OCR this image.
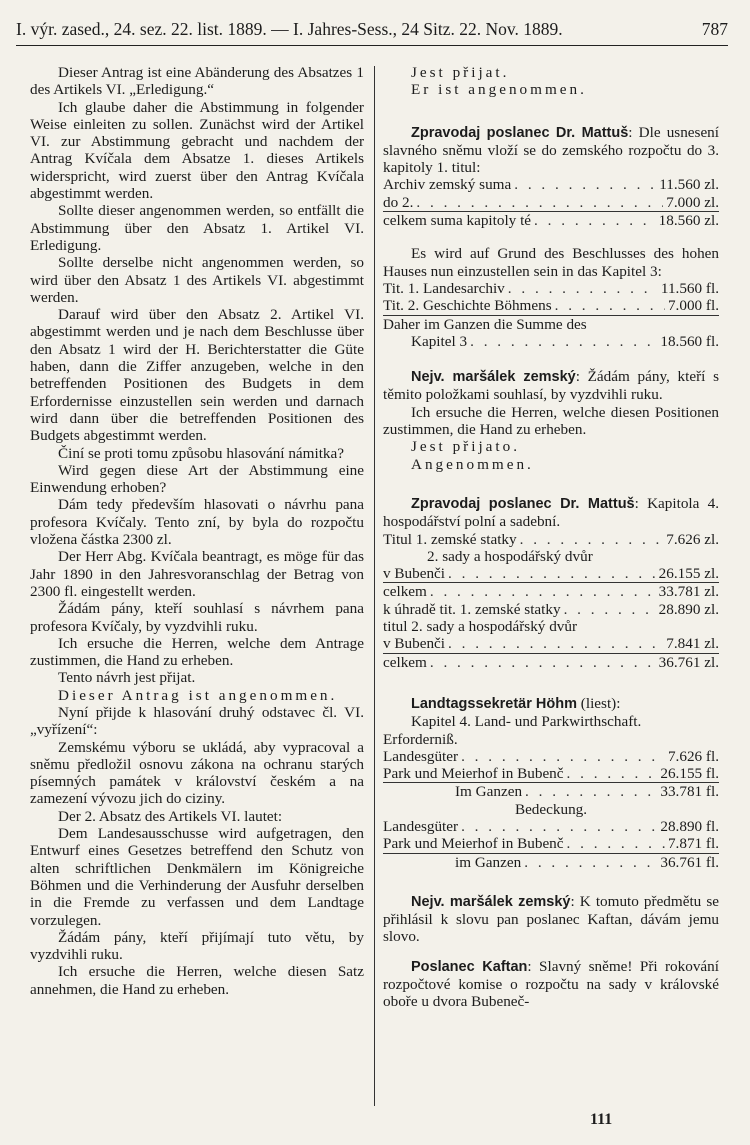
I. výr. zased., 24. sez. 22. list. 1889. — I. Jahres-Sess., 24 Sitz. 22. Nov. 1889.	787

Dieser Antrag ist eine Abänderung des Absatzes 1 des Artikels VI. „Erledigung.“

Ich glaube daher die Abstimmung in folgender Weise einleiten zu sollen. Zunächst wird der Artikel VI. zur Abstimmung gebracht und nachdem der Antrag Kvíčala dem Absatze 1. dieses Artikels widerspricht, wird zuerst über den Antrag Kvíčala abgestimmt werden.

Sollte dieser angenommen werden, so entfällt die Abstimmung über den Absatz 1. Artikel VI. Erledigung.

Sollte derselbe nicht angenommen werden, so wird über den Absatz 1 des Artikels VI. abgestimmt werden.

Darauf wird über den Absatz 2. Artikel VI. abgestimmt werden und je nach dem Beschlusse über den Absatz 1 wird der H. Berichterstatter die Güte haben, dann die Ziffer anzugeben, welche in den betreffenden Positionen des Budgets in dem Erfordernisse einzustellen sein werden und darnach wird dann über die betreffenden Positionen des Budgets abgestimmt werden.

Činí se proti tomu způsobu hlasování námitka?

Wird gegen diese Art der Abstimmung eine Einwendung erhoben?

Dám tedy především hlasovati o návrhu pana profesora Kvíčaly. Tento zní, by byla do rozpočtu vložena částka 2300 zl.

Der Herr Abg. Kvíčala beantragt, es möge für das Jahr 1890 in den Jahresvoranschlag der Betrag von 2300 fl. eingestellt werden.

Žádám pány, kteří souhlasí s návrhem pana profesora Kvíčaly, by vyzdvihli ruku.

Ich ersuche die Herren, welche dem Antrage zustimmen, die Hand zu erheben.

Tento návrh jest přijat.

Dieser Antrag ist angenommen.

Nyní přijde k hlasování druhý odstavec čl. VI. „vyřízení“:

Zemskému výboru se ukládá, aby vypracoval a sněmu předložil osnovu zákona na ochranu starých písemných památek v království českém a na zamezení vývozu jich do ciziny.

Der 2. Absatz des Artikels VI. lautet:

Dem Landesausschusse wird aufgetragen, den Entwurf eines Gesetzes betreffend den Schutz von alten schriftlichen Denkmälern im Königreiche Böhmen und die Verhinderung der Ausfuhr derselben in die Fremde zu verfassen und dem Landtage vorzulegen.

Žádám pány, kteří přijímají tuto větu, by vyzdvihli ruku.

Ich ersuche die Herren, welche diesen Satz annehmen, die Hand zu erheben.

Jest přijat.

Er ist angenommen.

Zpravodaj poslanec Dr. Mattuš: Dle usnesení slavného sněmu vloží se do zemského rozpočtu do 3. kapitoly 1. titul:

Archiv zemský suma . . .	11.560 zl.
do 2. . . .	7.000 zl.
celkem suma kapitoly té . . .	18.560 zl.

Es wird auf Grund des Beschlusses des hohen Hauses nun einzustellen sein in das Kapitel 3:

Tit. 1. Landesarchiv . . .	11.560 fl.
Tit. 2. Geschichte Böhmens . . .	7.000 fl.
Daher im Ganzen die Summe des
Kapitel 3 . . .	18.560 fl.

Nejv. maršálek zemský: Žádám pány, kteří s těmito položkami souhlasí, by vyzdvihli ruku.

Ich ersuche die Herren, welche diesen Positionen zustimmen, die Hand zu erheben.

Jest přijato.

Angenommen.

Zpravodaj poslanec Dr. Mattuš: Kapitola 4. hospodářství polní a sadební.

Titul 1. zemské statky . . .	7.626 zl.
2. sady a hospodářský dvůr
v Bubenči . . .	26.155 zl.
celkem . . .	33.781 zl.
k úhradě tit. 1. zemské statky . . .	28.890 zl.
titul 2. sady a hospodářský dvůr
v Bubenči . . .	7.841 zl.
celkem . . .	36.761 zl.

Landtagssekretär Höhm (liest):

Kapitel 4. Land- und Parkwirthschaft.

Erforderniß.

Landesgüter . . .	7.626 fl.
Park und Meierhof in Bubenč . . .	26.155 fl.
Im Ganzen . . .	33.781 fl.

Bedeckung.

Landesgüter . . .	28.890 fl.
Park und Meierhof in Bubenč . . .	7.871 fl.
im Ganzen . . .	36.761 fl.

Nejv. maršálek zemský: K tomuto předmětu se přihlásil k slovu pan poslanec Kaftan, dávám jemu slovo.

Poslanec Kaftan: Slavný sněme! Při rokování rozpočtové komise o rozpočtu na sady v královské oboře u dvora Bubeneč-

111
